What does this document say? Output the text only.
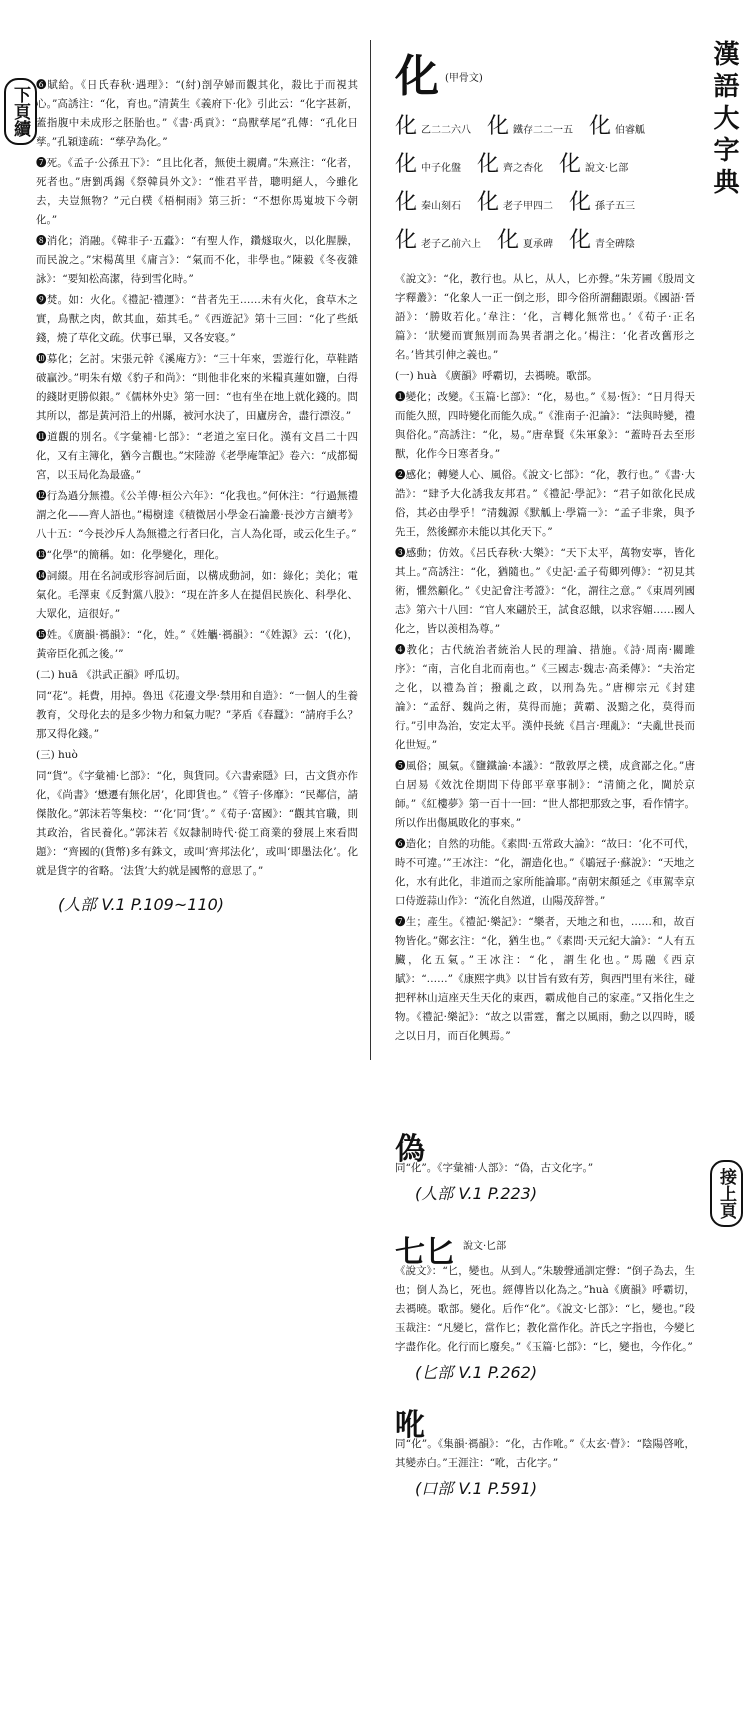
漢語大字典
下頁續
接上頁
化 (甲骨文)
化 乙二二六八 化 鐵存二二一五 化 伯睿觚化 中子化盤 化 齊之杏化 化 說文·匕部化 秦山刻石 化 老子甲四二 化 孫子五三化 老子乙前六上 化 夏承碑 化 青全碑陰

❻賦給。《日氏春秋·遇理》：“(紂)剖孕婦而觀其化，殺比于而視其心。”高誘注：“化，育也。”清黃生《義府下·化》引此云：“化字甚新，蓋指腹中未成形之胚胎也。”《書·禹貢》：“鳥獸孳尾”孔傳：“孔化日孳。”孔穎達疏：“孳孕為化。”

❼死。《孟子·公孫丑下》：“且比化者，無使土親膚。”朱熹注：“化者，死者也。”唐劉禹錫《祭韓員外文》：“惟君平昔，聰明絕人，今雖化去，夫豈無物？”元白樸《梧桐雨》第三折：“不想你馬嵬坡下今朝化。”

❽消化；消融。《韓非子·五蠹》：“有聖人作，鑽燧取火，以化腥臊，而民說之。”宋楊萬里《庸言》：“氣而不化，非學也。”陳毅《冬夜雜詠》：“要知松高潔，待到雪化時。”

❾焚。如：火化。《禮記·禮運》：“昔者先王……未有火化，食草木之實，鳥獸之肉，飲其血，茹其毛。”《西遊記》第十三回：“化了些紙錢，燒了草化文疏。伏事已畢，又各安寝。”

❿募化；乞討。宋張元幹《溪庵方》：“三十年來，雲遊行化，草鞋踏破贏沙。”明朱有燉《豹子和尚》：“則他非化來的米糧真蓮如鹽，白得的錢財更勝似銀。”《儒林外史》第一回：“也有坐在地上就化錢的。問其所以，都是黃河沿上的州縣，被河水決了，田廬房舍，盡行漂沒。”

⓫道觀的別名。《字彙補·匕部》：“老道之室曰化。漢有文昌二十四化，又有主簿化，猶今言觀也。”宋陸游《老學庵筆記》卷六：“成都蜀宮，以玉局化為最盛。”

⓬行為過分無禮。《公羊傳·桓公六年》：“化我也。”何休注：“行過無禮謂之化——齊人語也。”楊樹達《積微居小學金石論叢·長沙方言續考》八十五：“今長沙斥人為無禮之行者曰化，言人為化哥，或云化生子。”

⓭“化學”的簡稱。如：化學變化，理化。

⓮詞綴。用在名詞或形容詞后面，以構成動詞，如：綠化；美化；電氣化。毛澤東《反對黨八股》：“現在許多人在提倡民族化、科學化、大眾化，這很好。”

⓯姓。《廣韻·禡韻》：“化，姓。”《姓觿·禡韻》：“《姓源》云：‘(化)，黃帝臣化孤之後。’”

(二) huā 《洪武正韻》呼瓜切。

同“花”。耗費，用掉。魯迅《花邊文學·禁用和自造》：“一個人的生養教育，父母化去的是多少物力和氣力呢？”茅盾《春蠶》：“請府手么？那又得化錢。”

(三) huò

同“貨”。《字彙補·匕部》：“化，與貨同。《六書索隱》曰，古文貨亦作化，《尚書》‘懋遷有無化居’，化即貨也。”《管子·侈靡》：“民鄰信，請傑散化。”郭沫若等集校：“‘化’同‘貨’。”《荀子·富國》：“觀其官職，則其政治，省民養化。”郭沫若《奴隸制時代·從工商業的發展上來看問題》：“齊國的(貨幣)多有銖文，或叫‘齊邦法化’，或叫‘即墨法化’。化就是貨字的省略。‘法貨’大約就是國幣的意思了。”

(人部 V.1 P.109~110)

《說文》：“化，教行也。从匕，从人，匕亦聲。”朱芳圃《殷周文字釋叢》：“化象人一正一倒之形，即今俗所謂翻跟頭。《國語·晉語》：‘勝敗若化。’韋注：‘化，言轉化無常也。’《荀子·正名篇》：‘狀變而實無別而為異者謂之化。’楊注：‘化者改舊形之名。’皆其引伸之義也。”

(一) huà 《廣韻》呼霸切，去禡曉。歌部。

❶變化；改變。《玉篇·匕部》：“化，易也。”《易·恆》：“日月得天而能久照，四時變化而能久成。”《淮南子·氾論》：“法與時變，禮與俗化。”高誘注：“化，易。”唐韋賢《朱軍象》：“蓋時吾去至形獸，化作今日寒者身。”

❷感化；轉變人心、風俗。《說文·匕部》：“化，教行也。”《書·大誥》：“肆予大化誘我友邦君。”《禮記·學記》：“君子如欲化民成俗，其必由學乎！”清魏源《默觚上·學篇一》：“孟子非衆，與予先王，然後鰥亦未能以其化天下。”

❸感動；仿效。《呂氏春秋·大樂》：“天下太平，萬物安寧，皆化其上。”高誘注：“化，猶隨也。”《史記·孟子荀卿列傳》：“初見其術，懼然顧化。”《史記會注考證》：“化，謂往之意。”《東周列國志》第六十八回：“官人來翩於王，試食忍餓，以求容媚……國人化之，皆以羡相為尊。”

❹教化；古代統治者統治人民的理論、措施。《詩·周南·關雎序》：“南，言化自北而南也。”《三國志·魏志·高柔傳》：“夫治定之化，以禮為首；撥亂之政，以刑為先。”唐柳宗元《封建論》：“孟舒、魏尚之術，莫得而施；黃霸、汲黯之化，莫得而行。”引申為治，安定太平。漢仲長統《昌言·理亂》：“夫亂世長而化世短。”

❺風俗；風氣。《鹽鐵論·本議》：“散敦厚之樸，成貪鄙之化。”唐白居易《效沈佺期問下侍郎平章事制》：“清簡之化，閫於京師。”《紅樓夢》第一百十一回：“世人都把那致之事，看作情字。所以作出傷風敗化的事來。”

❻造化；自然的功能。《素問·五常政大論》：“故曰：‘化不可代，時不可違。’”王冰注：“化，謂造化也。”《鶡冠子·蘇說》：“天地之化，水有此化，非道而之家所能論耶。”南朝宋顏延之《車駕幸京口侍遊蒜山作》：“流化自然道，山陽茂辞誉。”

❼生；產生。《禮記·樂記》：“樂者，天地之和也，……和，故百物皆化。”鄭玄注：“化，猶生也。”《素問·天元紀大論》：“人有五臟，化五氣。”王冰注：“化，謂生化也。”馬融《西京賦》：“……”《康熙字典》以甘旨有致有芳，與西門里有米往，碰把秤林山這座天生天化的東西，霸成他自己的家產。”又指化生之物。《禮記·樂記》：“故之以雷霆，奮之以風雨，動之以四時，暖之以日月，而百化興焉。”

偽

同“化”。《字彙補·人部》：“偽，古文化字。”

(人部 V.1 P.223)
七匕 說文·匕部

《說文》：“匕，變也。从到人。”朱駿聲通訓定聲：“倒子為去，生也；倒人為匕，死也。經傳皆以化為之。”huà《廣韻》呼霸切，去禡曉。歌部。變化。后作“化”。《說文·匕部》：“匕，變也。”段玉裁注：“凡變匕，當作匕；教化當作化。許氏之字指也，今變匕字盡作化。化行而匕廢矣。”《玉篇·匕部》：“匕，變也，今作化。”

(匕部 V.1 P.262)
吪

同“化”。《集韻·禡韻》：“化，古作吪。”《太玄·瞢》：“陰陽啓吪，其變赤白。”王涯注：“吪，古化字。”

(口部 V.1 P.591)
